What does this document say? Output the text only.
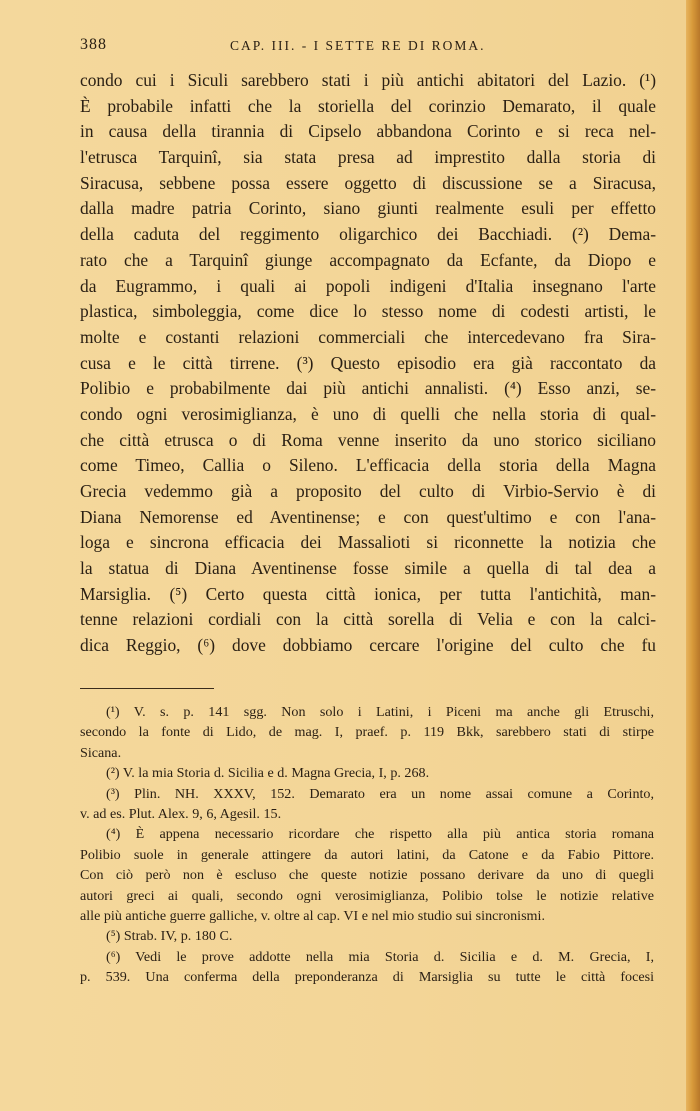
388	CAP. III. - I SETTE RE DI ROMA.
condo cui i Siculi sarebbero stati i più antichi abitatori del Lazio. (¹)
È probabile infatti che la storiella del corinzio Demarato, il quale
in causa della tirannia di Cipselo abbandona Corinto e si reca nel-
l'etrusca Tarquinî, sia stata presa ad imprestito dalla storia di
Siracusa, sebbene possa essere oggetto di discussione se a Siracusa,
dalla madre patria Corinto, siano giunti realmente esuli per effetto
della caduta del reggimento oligarchico dei Bacchiadi. (²) Dema-
rato che a Tarquinî giunge accompagnato da Ecfante, da Diopo e
da Eugrammo, i quali ai popoli indigeni d'Italia insegnano l'arte
plastica, simboleggia, come dice lo stesso nome di codesti artisti, le
molte e costanti relazioni commerciali che intercedevano fra Sira-
cusa e le città tirrene. (³) Questo episodio era già raccontato da
Polibio e probabilmente dai più antichi annalisti. (⁴) Esso anzi, se-
condo ogni verosimiglianza, è uno di quelli che nella storia di qual-
che città etrusca o di Roma venne inserito da uno storico siciliano
come Timeo, Callia o Sileno. L'efficacia della storia della Magna
Grecia vedemmo già a proposito del culto di Virbio-Servio è di
Diana Nemorense ed Aventinense; e con quest'ultimo e con l'ana-
loga e sincrona efficacia dei Massalioti si riconnette la notizia che
la statua di Diana Aventinense fosse simile a quella di tal dea a
Marsiglia. (⁵) Certo questa città ionica, per tutta l'antichità, man-
tenne relazioni cordiali con la città sorella di Velia e con la calci-
dica Reggio, (⁶) dove dobbiamo cercare l'origine del culto che fu
(¹) V. s. p. 141 sgg. Non solo i Latini, i Piceni ma anche gli Etruschi,
secondo la fonte di Lido, de mag. I, praef. p. 119 Bkk, sarebbero stati di stirpe
Sicana.
(²) V. la mia Storia d. Sicilia e d. Magna Grecia, I, p. 268.
(³) Plin. NH. XXXV, 152. Demarato era un nome assai comune a Corinto,
v. ad es. Plut. Alex. 9, 6, Agesil. 15.
(⁴) È appena necessario ricordare che rispetto alla più antica storia romana
Polibio suole in generale attingere da autori latini, da Catone e da Fabio Pittore.
Con ciò però non è escluso che queste notizie possano derivare da uno di quegli
autori greci ai quali, secondo ogni verosimiglianza, Polibio tolse le notizie relative
alle più antiche guerre galliche, v. oltre al cap. VI e nel mio studio sui sincronismi.
(⁵) Strab. IV, p. 180 C.
(⁶) Vedi le prove addotte nella mia Storia d. Sicilia e d. M. Grecia, I,
p. 539. Una conferma della preponderanza di Marsiglia su tutte le città focesi
